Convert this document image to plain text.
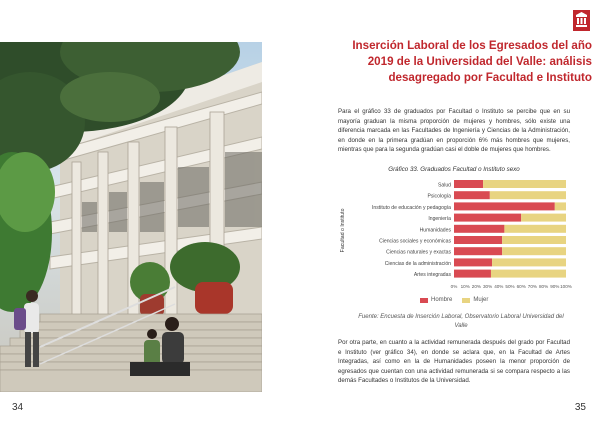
34
Inserción Laboral de los Egresados del año 2019 de la Universidad del Valle: análisis desagregado por Facultad e Instituto

Para el gráfico 33 de graduados por Facultad o Instituto se percibe que en su mayoría graduan la misma proporción de mujeres y hombres, sólo existe una diferencia marcada en las Facultades de Ingeniería y Ciencias de la Administración, en donde en la primera gradúan en proporción 6% más hombres que mujeres, mientras que para la segunda gradúan casi el doble de mujeres que hombres.

Gráfico 33. Graduados Facultad o Instituto sexo
Facultad o Instituto
Salud
Psicología
Instituto de educación y pedagogía
Ingeniería
Humanidades
Ciencias sociales y económicas
Ciencias naturales y exactas
Ciencias de la administración
Artes integradas
0% 10% 20% 30% 40% 50% 60% 70% 80% 90% 100%
Hombre	Mujer
Fuente: Encuesta de Inserción Laboral, Observatorio Laboral Universidad del Valle

Por otra parte, en cuanto a la actividad remunerada después del grado por Facultad e Instituto (ver gráfico 34), en donde se aclara que, en la Facultad de Artes Integradas, así como en la de Humanidades poseen la menor proporción de egresados que cuentan con una actividad remunerada si se compara respecto a las demás Facultades o Institutos de la Universidad.

35
